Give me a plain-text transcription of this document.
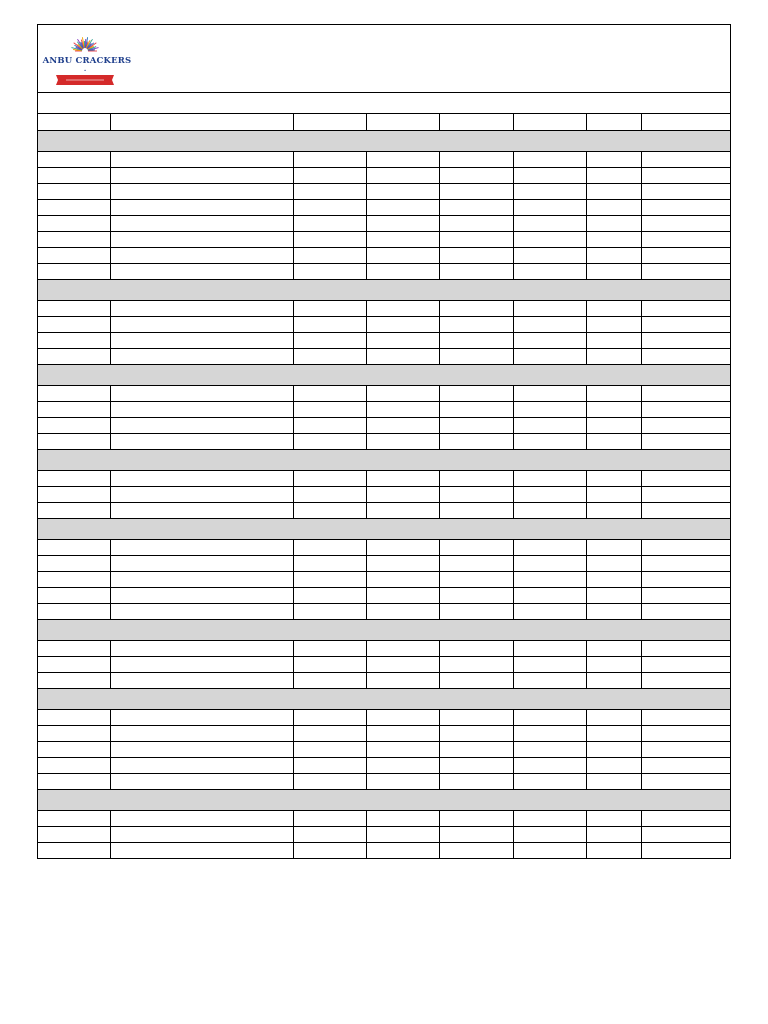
•
ANBU CRACKERS
